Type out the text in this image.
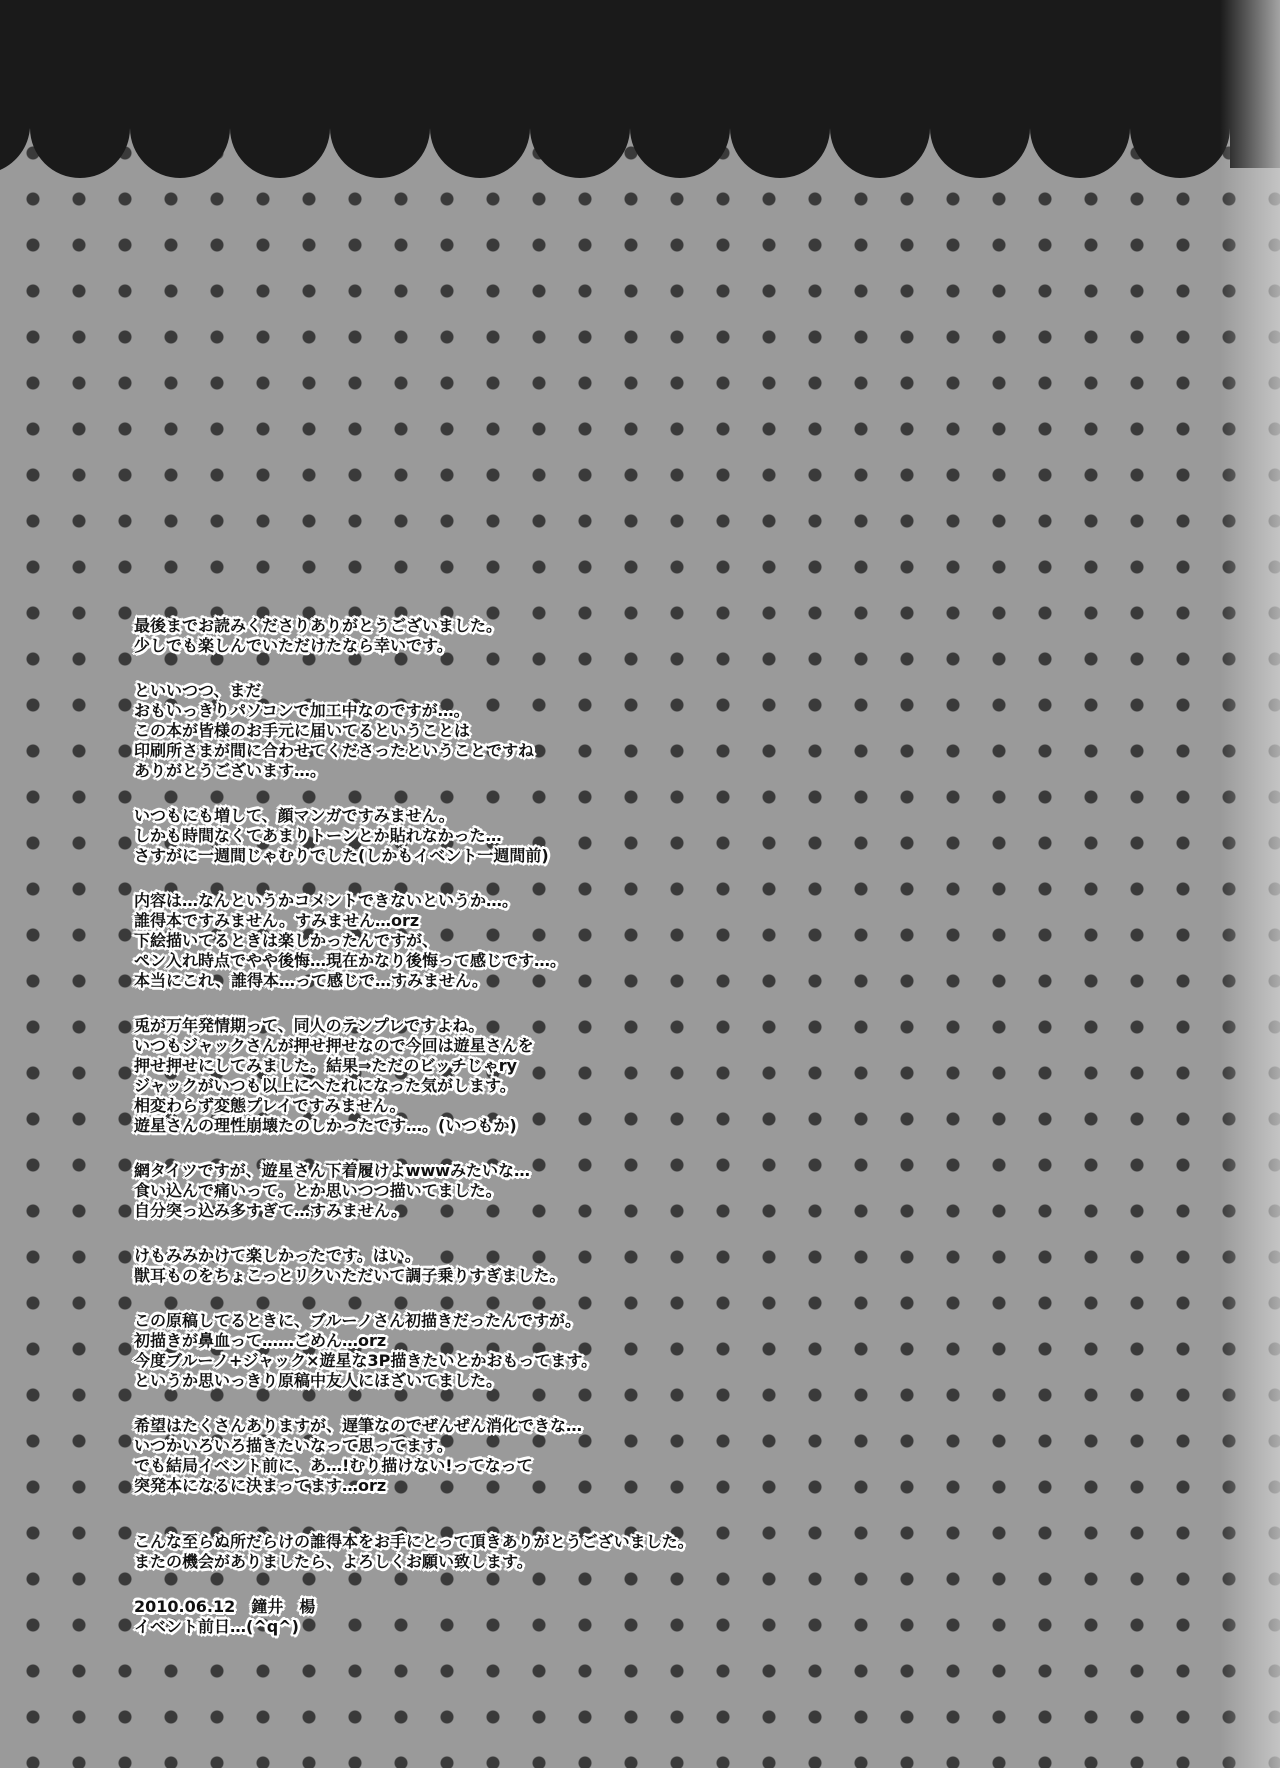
最後までお読みくださりありがとうございました。
少しでも楽しんでいただけたなら幸いです。
といいつつ、まだ
おもいっきりパソコンで加工中なのですが…。
この本が皆様のお手元に届いてるということは
印刷所さまが間に合わせてくださったということですね
ありがとうございます…。
いつもにも増して、顔マンガですみません。
しかも時間なくてあまりトーンとか貼れなかった…
さすがに一週間じゃむりでした(しかもイベント一週間前)
内容は…なんというかコメントできないというか…。
誰得本ですみません。すみません…orz
下絵描いてるときは楽しかったんですが、
ペン入れ時点でやや後悔…現在かなり後悔って感じです…。
本当にこれ、誰得本…って感じで…すみません。
兎が万年発情期って、同人のテンプレですよね。
いつもジャックさんが押せ押せなので今回は遊星さんを
押せ押せにしてみました。結果⇒ただのビッチじゃry
ジャックがいつも以上にへたれになった気がします。
相変わらず変態プレイですみません。
遊星さんの理性崩壊たのしかったです…。(いつもか)
網タイツですが、遊星さん下着履けよwwwみたいな…
食い込んで痛いって。とか思いつつ描いてました。
自分突っ込み多すぎて…すみません。
けもみみかけて楽しかったです。はい。
獣耳ものをちょこっとリクいただいて調子乗りすぎました。
この原稿してるときに、ブルーノさん初描きだったんですが。
初描きが鼻血って……ごめん…orz
今度ブルーノ+ジャック×遊星な3P描きたいとかおもってます。
というか思いっきり原稿中友人にほざいてました。
希望はたくさんありますが、遅筆なのでぜんぜん消化できな…
いつかいろいろ描きたいなって思ってます。
でも結局イベント前に、あ…!むり描けない!ってなって
突発本になるに決まってます…orz
こんな至らぬ所だらけの誰得本をお手にとって頂きありがとうございました。
またの機会がありましたら、よろしくお願い致します。
2010.06.12　 鐘井　楊
イベント前日…(^q^)
